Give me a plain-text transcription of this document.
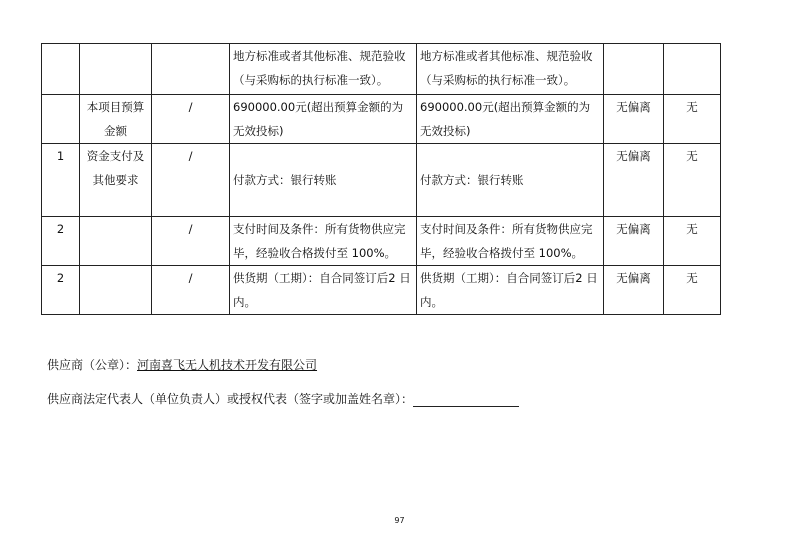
			地方标准或者其他标准、规范验收（与采购标的执行标准一致）。	地方标准或者其他标准、规范验收（与采购标的执行标准一致）。		
	本项目预算金额	/	690000.00元(超出预算金额的为无效投标)	690000.00元(超出预算金额的为无效投标)	无偏离	无
1	资金支付及其他要求	/	付款方式：银行转账	付款方式：银行转账	无偏离	无
2		/	支付时间及条件：所有货物供应完毕，经验收合格拨付至 100%。	支付时间及条件：所有货物供应完毕，经验收合格拨付至 100%。	无偏离	无
2		/	供货期（工期）：自合同签订后2 日内。	供货期（工期）：自合同签订后2 日内。	无偏离	无
供应商（公章）：河南喜飞无人机技术开发有限公司
供应商法定代表人（单位负责人）或授权代表（签字或加盖姓名章）：
97
